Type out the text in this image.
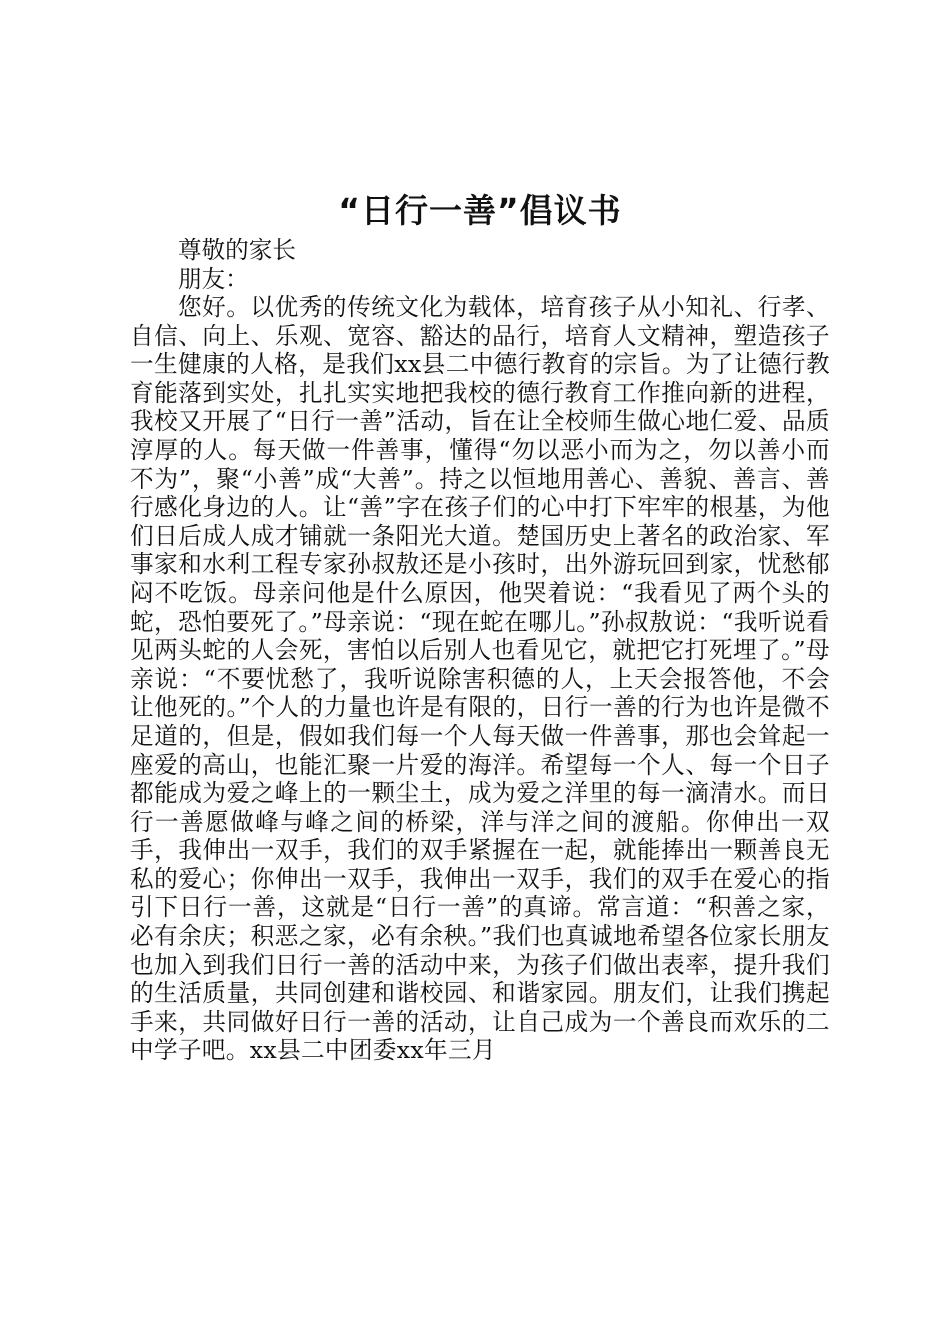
“日行一善”倡议书

尊敬的家长

朋友：

您好。以优秀的传统文化为载体，培育孩子从小知礼、行孝、自信、向上、乐观、宽容、豁达的品行，培育人文精神，塑造孩子一生健康的人格，是我们xx县二中德行教育的宗旨。为了让德行教育能落到实处，扎扎实实地把我校的德行教育工作推向新的进程，我校又开展了“日行一善”活动，旨在让全校师生做心地仁爱、品质淳厚的人。每天做一件善事，懂得“勿以恶小而为之，勿以善小而不为”，聚“小善”成“大善”。持之以恒地用善心、善貌、善言、善行感化身边的人。让“善”字在孩子们的心中打下牢牢的根基，为他们日后成人成才铺就一条阳光大道。楚国历史上著名的政治家、军事家和水利工程专家孙叔敖还是小孩时，出外游玩回到家，忧愁郁闷不吃饭。母亲问他是什么原因，他哭着说：“我看见了两个头的蛇，恐怕要死了。”母亲说：“现在蛇在哪儿。”孙叔敖说：“我听说看见两头蛇的人会死，害怕以后别人也看见它，就把它打死埋了。”母亲说：“不要忧愁了，我听说除害积德的人，上天会报答他，不会让他死的。”个人的力量也许是有限的，日行一善的行为也许是微不足道的，但是，假如我们每一个人每天做一件善事，那也会耸起一座爱的高山，也能汇聚一片爱的海洋。希望每一个人、每一个日子都能成为爱之峰上的一颗尘土，成为爱之洋里的每一滴清水。而日行一善愿做峰与峰之间的桥梁，洋与洋之间的渡船。你伸出一双手，我伸出一双手，我们的双手紧握在一起，就能捧出一颗善良无私的爱心；你伸出一双手，我伸出一双手，我们的双手在爱心的指引下日行一善，这就是“日行一善”的真谛。常言道：“积善之家，必有余庆；积恶之家，必有余秧。”我们也真诚地希望各位家长朋友也加入到我们日行一善的活动中来，为孩子们做出表率，提升我们的生活质量，共同创建和谐校园、和谐家园。朋友们，让我们携起手来，共同做好日行一善的活动，让自己成为一个善良而欢乐的二中学子吧。xx县二中团委xx年三月
